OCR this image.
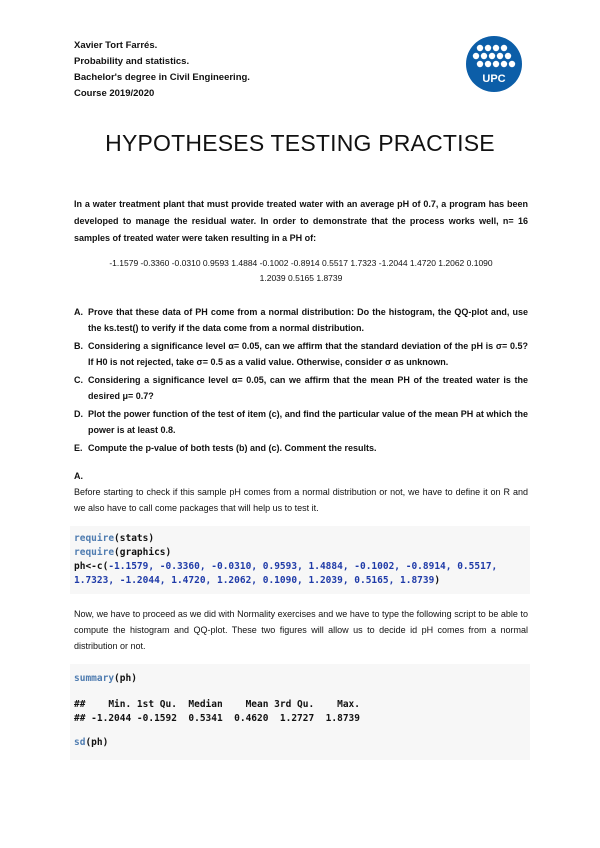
Xavier Tort Farrés.
Probability and statistics.
Bachelor's degree in Civil Engineering.
Course 2019/2020
UPC
HYPOTHESES TESTING PRACTISE
In a water treatment plant that must provide treated water with an average pH of 0.7, a program has been developed to manage the residual water. In order to demonstrate that the process works well, n= 16 samples of treated water were taken resulting in a PH of:
-1.1579 -0.3360 -0.0310 0.9593 1.4884 -0.1002 -0.8914 0.5517 1.7323 -1.2044 1.4720 1.2062 0.1090
1.2039 0.5165 1.8739
A. Prove that these data of PH come from a normal distribution: Do the histogram, the QQ-plot and, use the ks.test() to verify if the data come from a normal distribution.
B. Considering a significance level α= 0.05, can we affirm that the standard deviation of the pH is σ= 0.5? If H0 is not rejected, take σ= 0.5 as a valid value. Otherwise, consider σ as unknown.
C. Considering a significance level α= 0.05, can we affirm that the mean PH of the treated water is the desired μ= 0.7?
D. Plot the power function of the test of item (c), and find the particular value of the mean PH at which the power is at least 0.8.
E. Compute the p-value of both tests (b) and (c). Comment the results.
A.
Before starting to check if this sample pH comes from a normal distribution or not, we have to define it on R and we also have to call come packages that will help us to test it.
require(stats)
require(graphics)
ph<-c(-1.1579, -0.3360, -0.0310, 0.9593, 1.4884, -0.1002, -0.8914, 0.5517,
1.7323, -1.2044, 1.4720, 1.2062, 0.1090, 1.2039, 0.5165, 1.8739)
Now, we have to proceed as we did with Normality exercises and we have to type the following script to be able to compute the histogram and QQ-plot. These two figures will allow us to decide id pH comes from a normal distribution or not.
summary(ph)
##    Min. 1st Qu.  Median    Mean 3rd Qu.    Max.
## -1.2044 -0.1592  0.5341  0.4620  1.2727  1.8739
sd(ph)
